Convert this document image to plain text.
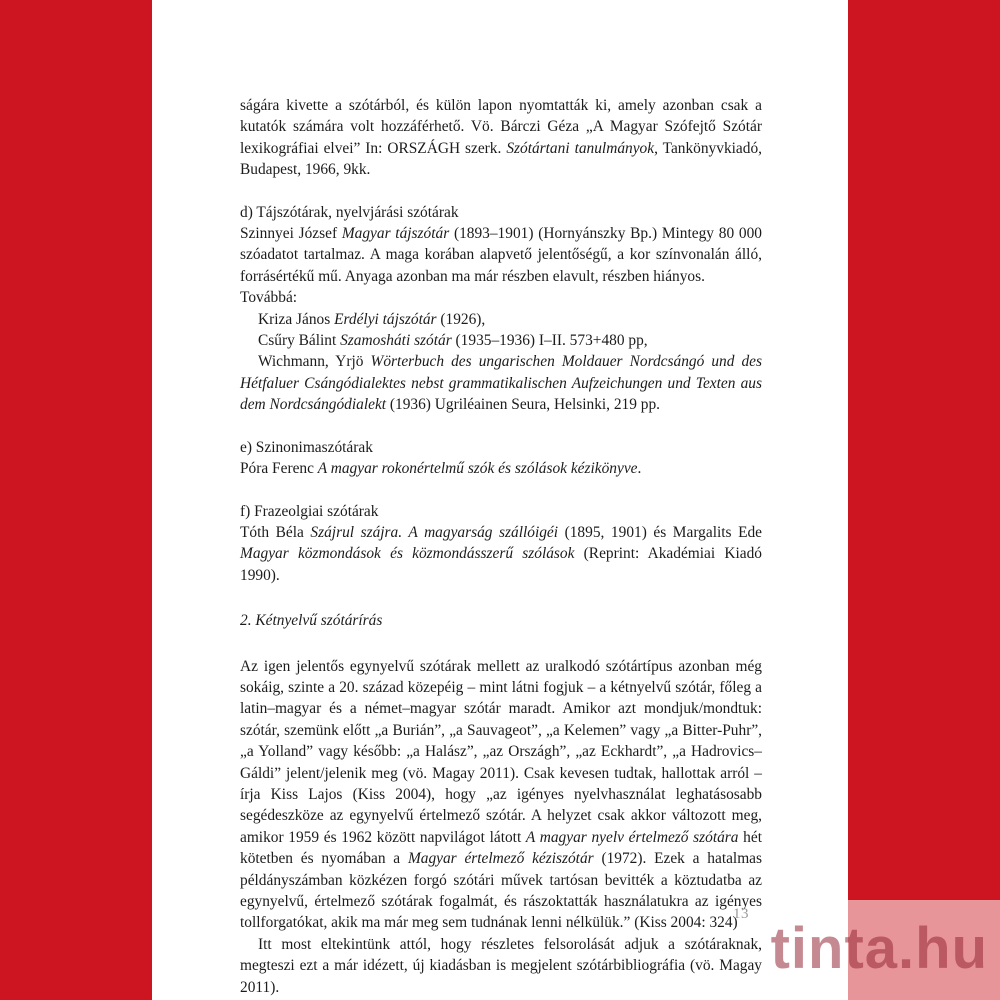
ságára kivette a szótárból, és külön lapon nyomtatták ki, amely azonban csak a kutatók számára volt hozzáférhető. Vö. Bárczi Géza „A Magyar Szófejtő Szótár lexikográfiai elvei” In: ORSZÁGH szerk. Szótártani tanulmányok, Tankönyvkiadó, Budapest, 1966, 9kk.

d) Tájszótárak, nyelvjárási szótárak

Szinnyei József Magyar tájszótár (1893–1901) (Hornyánszky Bp.) Mintegy 80 000 szóadatot tartalmaz. A maga korában alapvető jelentőségű, a kor színvonalán álló, forrásértékű mű. Anyaga azonban ma már részben elavult, részben hiányos.

Továbbá:

Kriza János Erdélyi tájszótár (1926),

Csűry Bálint Szamosháti szótár (1935–1936) I–II. 573+480 pp,

Wichmann, Yrjö Wörterbuch des ungarischen Moldauer Nordcsángó und des Hétfaluer Csángódialektes nebst grammatikalischen Aufzeichungen und Texten aus dem Nordcsángódialekt (1936) Ugriléainen Seura, Helsinki, 219 pp.

e) Szinonimaszótárak

Póra Ferenc A magyar rokonértelmű szók és szólások kézikönyve.

f) Frazeolgiai szótárak

Tóth Béla Szájrul szájra. A magyarság szállóigéi (1895, 1901) és Margalits Ede Magyar közmondások és közmondásszerű szólások (Reprint: Akadémiai Kiadó 1990).

2. Kétnyelvű szótárírás

Az igen jelentős egynyelvű szótárak mellett az uralkodó szótártípus azonban még sokáig, szinte a 20. század közepéig – mint látni fogjuk – a kétnyelvű szótár, főleg a latin–magyar és a német–magyar szótár maradt. Amikor azt mondjuk/mondtuk: szótár, szemünk előtt „a Burián”, „a Sauvageot”, „a Kelemen” vagy „a Bitter-Puhr”, „a Yolland” vagy később: „a Halász”, „az Országh”, „az Eckhardt”, „a Hadrovics–Gáldi” jelent/jelenik meg (vö. Magay 2011). Csak kevesen tudtak, hallottak arról – írja Kiss Lajos (Kiss 2004), hogy „az igényes nyelvhasználat leghatásosabb segédeszköze az egynyelvű értelmező szótár. A helyzet csak akkor változott meg, amikor 1959 és 1962 között napvilágot látott A magyar nyelv értelmező szótára hét kötetben és nyomában a Magyar értelmező kéziszótár (1972). Ezek a hatalmas példányszámban közkézen forgó szótári művek tartósan bevitték a köztudatba az egynyelvű, értelmező szótárak fogalmát, és rászoktatták használatukra az igényes tollforgatókat, akik ma már meg sem tudnának lenni nélkülük.” (Kiss 2004: 324)

Itt most eltekintünk attól, hogy részletes felsorolását adjuk a szótáraknak, megteszi ezt a már idézett, új kiadásban is megjelent szótárbibliográfia (vö. Magay 2011).

13
tinta.hu
